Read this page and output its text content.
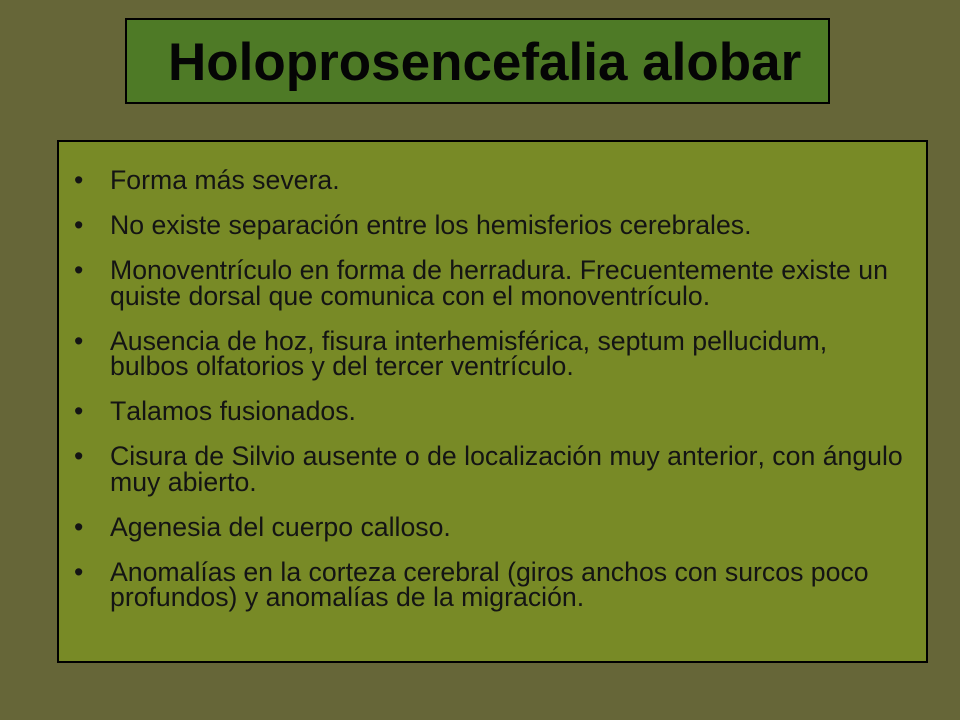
Holoprosencefalia alobar
• Forma más severa.
• No existe separación entre los hemisferios cerebrales.
• Monoventrículo en forma de herradura. Frecuentemente existe un quiste dorsal que comunica con el monoventrículo.
• Ausencia de hoz, fisura interhemisférica, septum pellucidum, bulbos olfatorios y del tercer ventrículo.
• Talamos fusionados.
• Cisura de Silvio ausente o de localización muy anterior, con ángulo muy abierto.
• Agenesia del cuerpo calloso.
• Anomalías en la corteza cerebral (giros anchos con surcos poco profundos) y anomalías de la migración.
